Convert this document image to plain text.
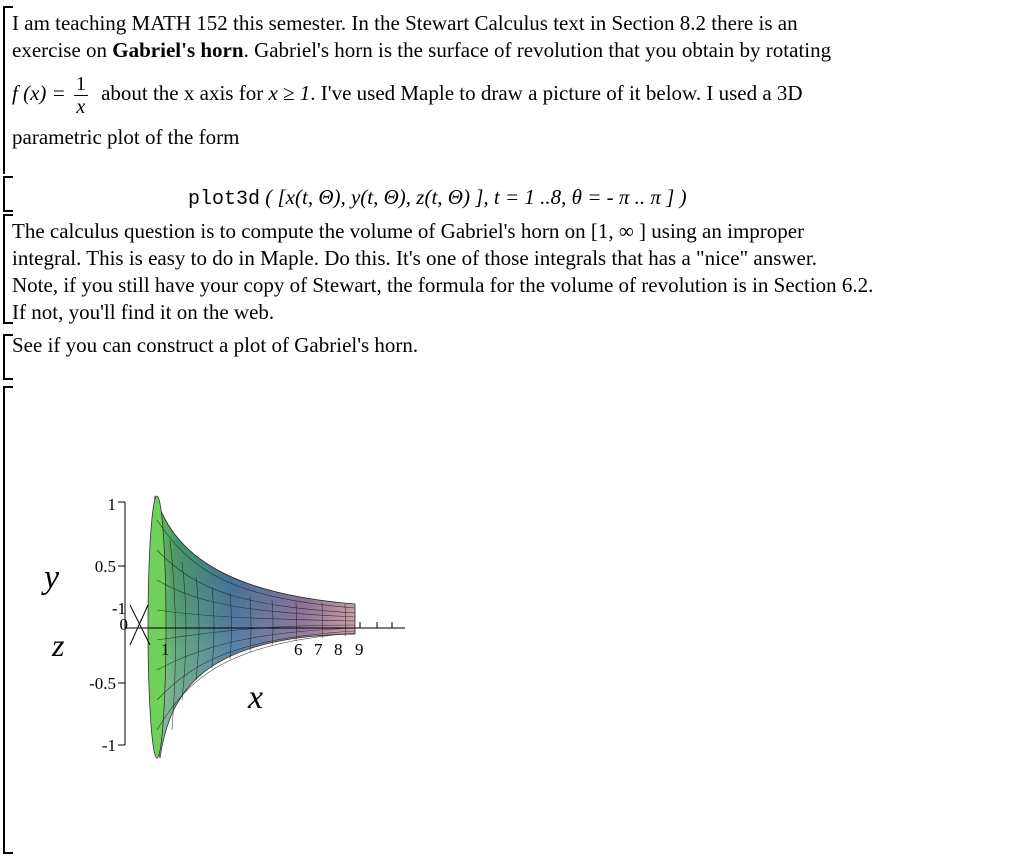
I am teaching MATH 152 this semester. In the Stewart Calculus text in Section 8.2 there is an
exercise on Gabriel's horn. Gabriel's horn is the surface of revolution that you obtain by rotating
f $(x) = \frac{1}{x}$ about the x axis for x ≥ 1. I've used Maple to draw a picture of it below. I used a 3D
parametric plot of the form
plot3d ( [x(t, Θ), y(t, Θ), z(t, Θ) ], t = 1 ..8, θ = - π .. π ] )
The calculus question is to compute the volume of Gabriel's horn on [1, ∞ ] using an improper
integral. This is easy to do in Maple. Do this. It's one of those integrals that has a "nice" answer.
Note, if you still have your copy of Stewart, the formula for the volume of revolution is in Section 6.2.
If not, you'll find it on the web.
See if you can construct a plot of Gabriel's horn.
1
0.5
-0.5
-1
-1
0
1	6 7 8 9
y
z
x
